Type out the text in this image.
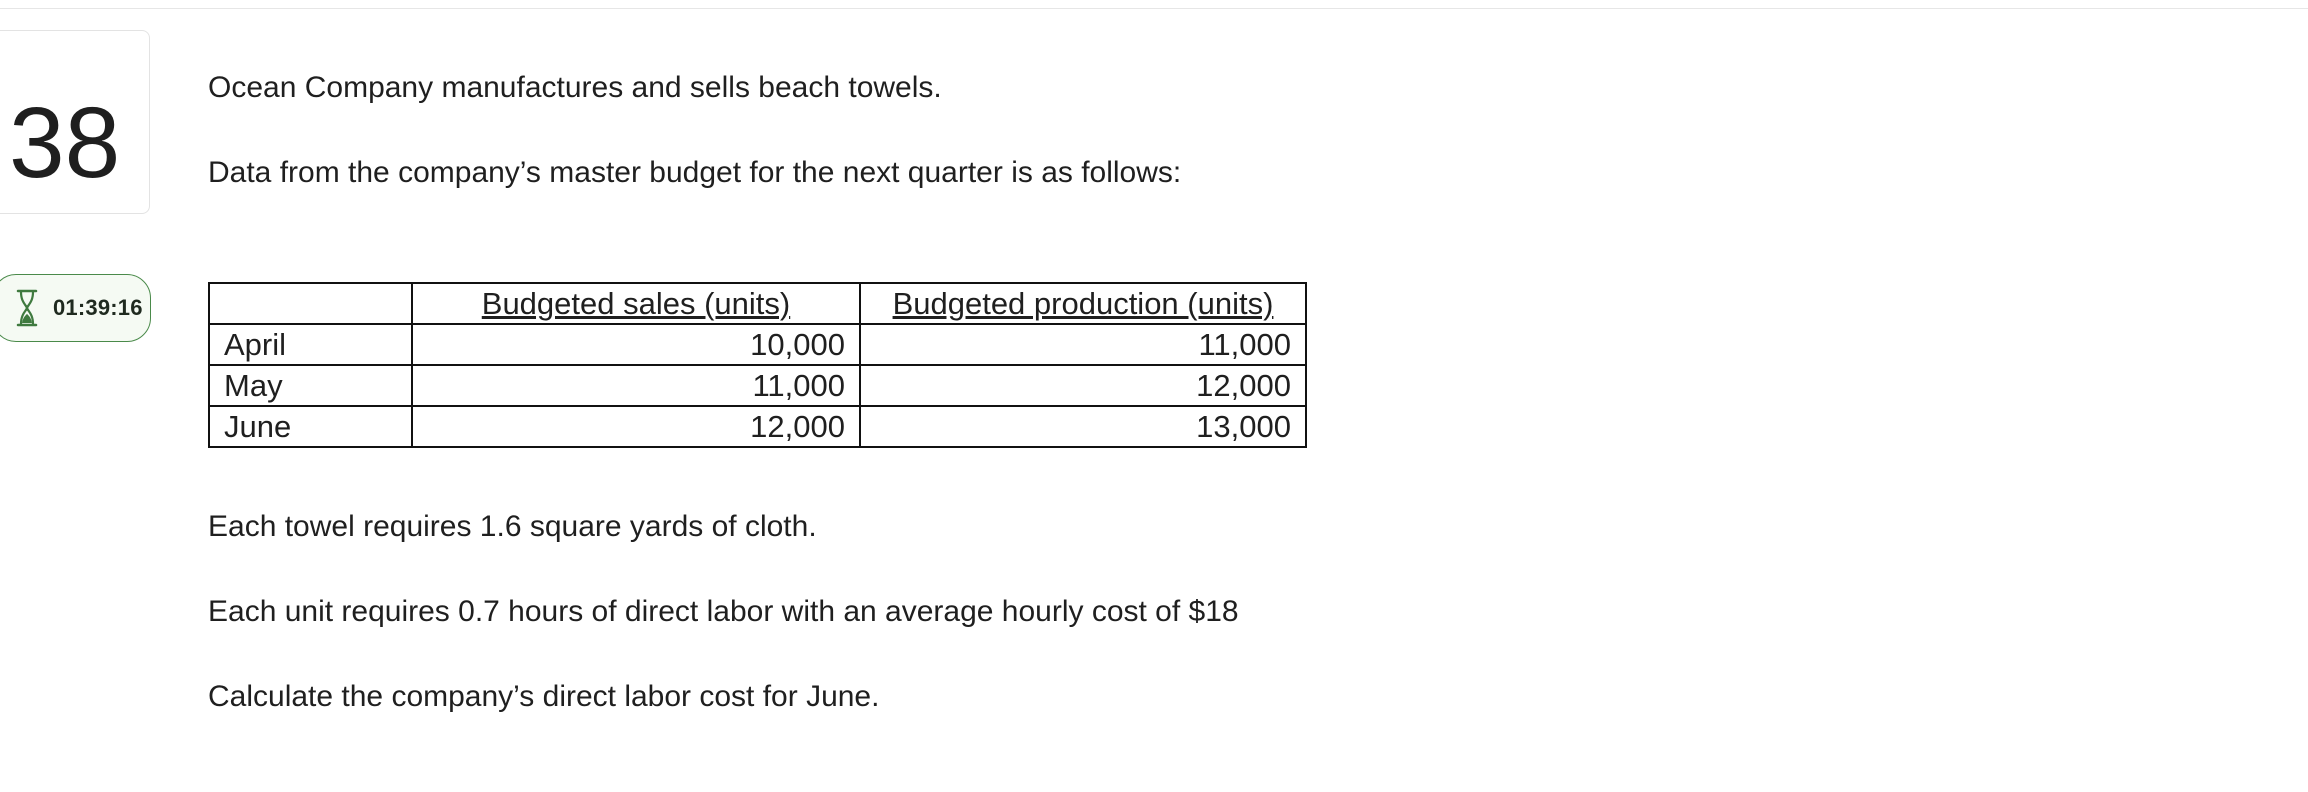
38
01:39:16
Ocean Company manufactures and sells beach towels.
Data from the company’s master budget for the next quarter is as follows:
	Budgeted sales (units)	Budgeted production (units)
April	10,000	11,000
May	11,000	12,000
June	12,000	13,000
Each towel requires 1.6 square yards of cloth.
Each unit requires 0.7 hours of direct labor with an average hourly cost of $18
Calculate the company’s direct labor cost for June.
